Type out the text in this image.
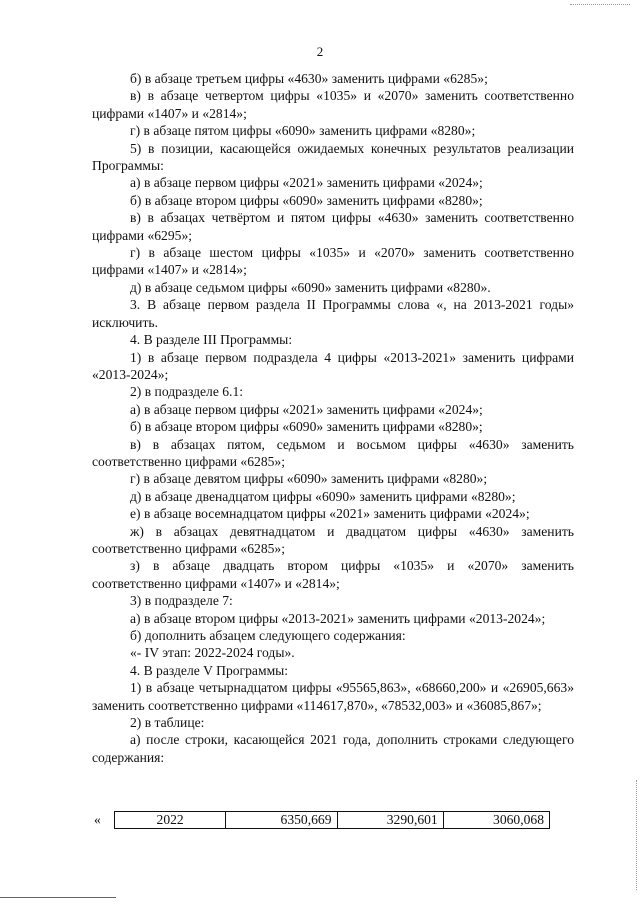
2

б) в абзаце третьем цифры «4630» заменить цифрами «6285»;

в) в абзаце четвертом цифры «1035» и «2070» заменить соответственно цифрами «1407» и «2814»;

г) в абзаце пятом цифры «6090» заменить цифрами «8280»;

5) в позиции, касающейся ожидаемых конечных результатов реализации Программы:

а) в абзаце первом цифры «2021» заменить цифрами «2024»;

б) в абзаце втором цифры «6090» заменить цифрами «8280»;

в) в абзацах четвёртом и пятом цифры «4630» заменить соответственно цифрами «6295»;

г) в абзаце шестом цифры «1035» и «2070» заменить соответственно цифрами «1407» и «2814»;

д) в абзаце седьмом цифры «6090» заменить цифрами «8280».

3. В абзаце первом раздела II Программы слова «, на 2013-2021 годы» исключить.

4. В разделе III Программы:

1) в абзаце первом подраздела 4 цифры «2013-2021» заменить цифрами «2013-2024»;

2) в подразделе 6.1:

а) в абзаце первом цифры «2021» заменить цифрами «2024»;

б) в абзаце втором цифры «6090» заменить цифрами «8280»;

в) в абзацах пятом, седьмом и восьмом цифры «4630» заменить соответственно цифрами «6285»;

г) в абзаце девятом цифры «6090» заменить цифрами «8280»;

д) в абзаце двенадцатом цифры «6090» заменить цифрами «8280»;

е) в абзаце восемнадцатом цифры «2021» заменить цифрами «2024»;

ж) в абзацах девятнадцатом и двадцатом цифры «4630» заменить соответственно цифрами «6285»;

з) в абзаце двадцать втором цифры «1035» и «2070» заменить соответственно цифрами «1407» и «2814»;

3) в подразделе 7:

а) в абзаце втором цифры «2013-2021» заменить цифрами «2013-2024»;

б) дополнить абзацем следующего содержания:

«- IV этап: 2022-2024 годы».

4. В разделе V Программы:

1) в абзаце четырнадцатом цифры «95565,863», «68660,200» и «26905,663» заменить соответственно цифрами «114617,870», «78532,003» и «36085,867»;

2) в таблице:

а) после строки, касающейся 2021 года, дополнить строками следующего содержания:

«	2022	6350,669	3290,601	3060,068
